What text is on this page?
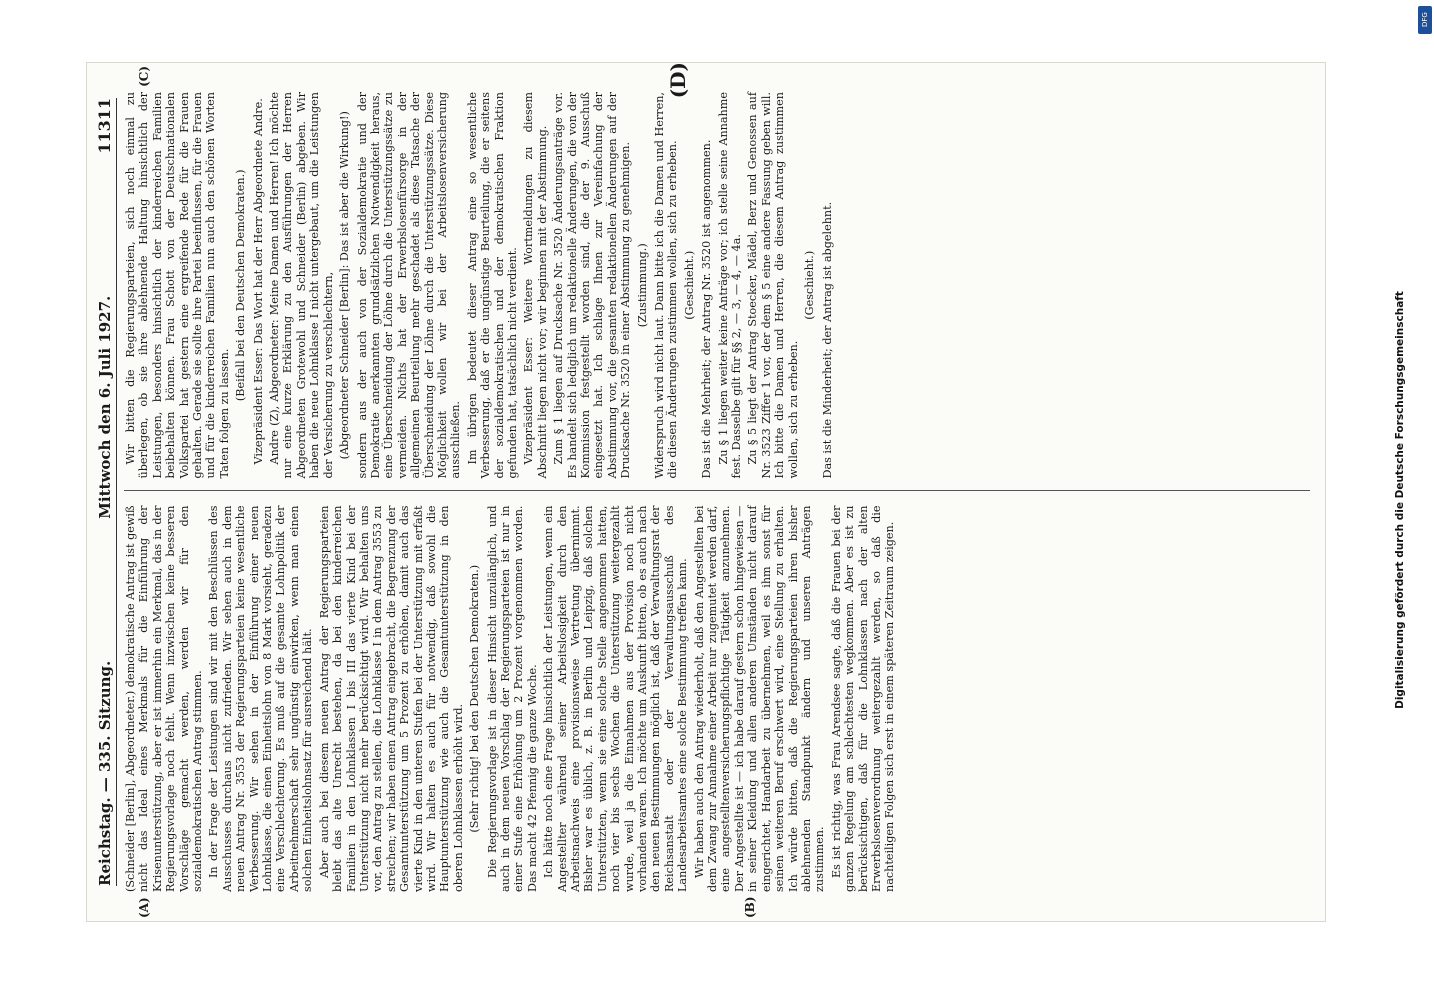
Reichstag. — 335. Sitzung.
Mittwoch den 6. Juli 1927.
11311
(A)	(B)

(Schneider [Berlin], Abgeordneter.) demokratische Antrag ist gewiß nicht das Ideal eines Merkmals für die Einführung der Krisenunterstützung, aber er ist immerhin ein Merkmal, das in der Regierungsvorlage noch fehlt. Wenn inzwischen keine besseren Vorschläge gemacht werden, werden wir für den sozialdemokratischen Antrag stimmen. In der Frage der Leistungen sind wir mit den Beschlüssen des Ausschusses durchaus nicht zufrieden. Wir sehen auch in dem neuen Antrag Nr. 3553 der Regierungsparteien keine wesentliche Verbesserung. Wir sehen in der Einführung einer neuen Lohnklasse, die einen Einheitslohn von 8 Mark vorsieht, geradezu eine Verschlechterung. Es muß auf die gesamte Lohnpolitik der Arbeitnehmerschaft sehr ungünstig einwirken, wenn man einen solchen Einheitslohnsatz für ausreichend hält. Aber auch bei diesem neuen Antrag der Regierungsparteien bleibt das alte Unrecht bestehen, da bei den kinderreichen Familien in den Lohnklassen I bis III das vierte Kind bei der Unterstützung nicht mehr berücksichtigt wird. Wir behalten uns vor, den Antrag zu stellen, die Lohnklasse I in dem Antrag 3553 zu streichen; wir haben einen Antrag eingebracht, die Begrenzung der Gesamtunterstützung um 5 Prozent zu erhöhen, damit auch das vierte Kind in den unteren Stufen bei der Unterstützung mit erfaßt wird. Wir halten es auch für notwendig, daß sowohl die Hauptunterstützung wie auch die Gesamtunterstützung in den oberen Lohnklassen erhöht wird. (Sehr richtig! bei den Deutschen Demokraten.) Die Regierungsvorlage ist in dieser Hinsicht unzulänglich, und auch in dem neuen Vorschlag der Regierungsparteien ist nur in einer Stufe eine Erhöhung um 2 Prozent vorgenommen worden. Das macht 42 Pfennig die ganze Woche. Ich hätte noch eine Frage hinsichtlich der Leistungen, wenn ein Angestellter während seiner Arbeitslosigkeit durch den Arbeitsnachweis eine provisionsweise Vertretung übernimmt. Bisher war es üblich, z. B. in Berlin und Leipzig, daß solchen Unterstützten, wenn sie eine solche Stelle angenommen hatten, noch vier bis sechs Wochen die Unterstützung weitergezahlt wurde, weil ja die Einnahmen aus der Provision noch nicht vorhanden waren. Ich möchte um Auskunft bitten, ob es auch nach den neuen Bestimmungen möglich ist, daß der Verwaltungsrat der Reichsanstalt oder der Verwaltungsausschuß des Landesarbeitsamtes eine solche Bestimmung treffen kann. Wir haben auch den Antrag wiederholt, daß den Angestellten bei dem Zwang zur Annahme einer Arbeit nur zugemutet werden darf, eine angestelltenversicherungspflichtige Tätigkeit anzunehmen. Der Angestellte ist — ich habe darauf gestern schon hingewiesen — in seiner Kleidung und allen anderen Umständen nicht darauf eingerichtet, Handarbeit zu übernehmen, weil es ihm sonst für seinen weiteren Beruf erschwert wird, eine Stellung zu erhalten. Ich würde bitten, daß die Regierungsparteien ihren bisher ablehnenden Standpunkt ändern und unseren Anträgen zustimmen. Es ist richtig, was Frau Arendsee sagte, daß die Frauen bei der ganzen Regelung am schlechtesten wegkommen. Aber es ist zu berücksichtigen, daß für die Lohnklassen nach der alten Erwerbslosenverordnung weitergezahlt werden, so daß die nachteiligen Folgen sich erst in einem späteren Zeitraum zeigen.

(C)	(D)

Wir bitten die Regierungsparteien, sich noch einmal zu überlegen, ob sie ihre ablehnende Haltung hinsichtlich der Leistungen, besonders hinsichtlich der kinderreichen Familien beibehalten können. Frau Schott von der Deutschnationalen Volkspartei hat gestern eine ergreifende Rede für die Frauen gehalten. Gerade sie sollte ihre Partei beeinflussen, für die Frauen und für die kinderreichen Familien nun auch den schönen Worten Taten folgen zu lassen.

(Beifall bei den Deutschen Demokraten.) Vizepräsident Esser: Das Wort hat der Herr Abgeordnete Andre. Andre (Z), Abgeordneter: Meine Damen und Herren! Ich möchte nur eine kurze Erklärung zu den Ausführungen der Herren Abgeordneten Grotewohl und Schneider (Berlin) abgeben. Wir haben die neue Lohnklasse I nicht untergebaut, um die Leistungen der Versicherung zu verschlechtern, (Abgeordneter Schneider [Berlin]: Das ist aber die Wirkung!) sondern aus der auch von der Sozialdemokratie und der Demokratie anerkannten grundsätzlichen Notwendigkeit heraus, eine Überschneidung der Löhne durch die Unterstützungssätze zu vermeiden. Nichts hat der Erwerbslosenfürsorge in der allgemeinen Beurteilung mehr geschadet als diese Tatsache der Überschneidung der Löhne durch die Unterstützungssätze. Diese Möglichkeit wollen wir bei der Arbeitslosenversicherung ausschließen. Im übrigen bedeutet dieser Antrag eine so wesentliche Verbesserung, daß er die ungünstige Beurteilung, die er seitens der sozialdemokratischen und der demokratischen Fraktion gefunden hat, tatsächlich nicht verdient. Vizepräsident Esser: Weitere Wortmeldungen zu diesem Abschnitt liegen nicht vor; wir beginnen mit der Abstimmung. Zum § 1 liegen auf Drucksache Nr. 3520 Änderungsanträge vor. Es handelt sich lediglich um redaktionelle Änderungen, die von der Kommission festgestellt worden sind, die der 9. Ausschuß eingesetzt hat. Ich schlage Ihnen zur Vereinfachung der Abstimmung vor, die gesamten redaktionellen Änderungen auf der Drucksache Nr. 3520 in einer Abstimmung zu genehmigen. (Zustimmung.) Widerspruch wird nicht laut. Dann bitte ich die Damen und Herren, die diesen Änderungen zustimmen wollen, sich zu erheben. (Geschieht.) Das ist die Mehrheit; der Antrag Nr. 3520 ist angenommen. Zu § 1 liegen weiter keine Anträge vor; ich stelle seine Annahme fest. Dasselbe gilt für §§ 2, — 3, — 4, — 4a. Zu § 5 liegt der Antrag Stoecker, Mädel, Berz und Genossen auf Nr. 3523 Ziffer 1 vor, der dem § 5 eine andere Fassung geben will. Ich bitte die Damen und Herren, die diesem Antrag zustimmen wollen, sich zu erheben.

(Geschieht.) Das ist die Minderheit; der Antrag ist abgelehnt.	Digitalisierung gefördert durch die Deutsche Forschungsgemeinschaft
DFG
